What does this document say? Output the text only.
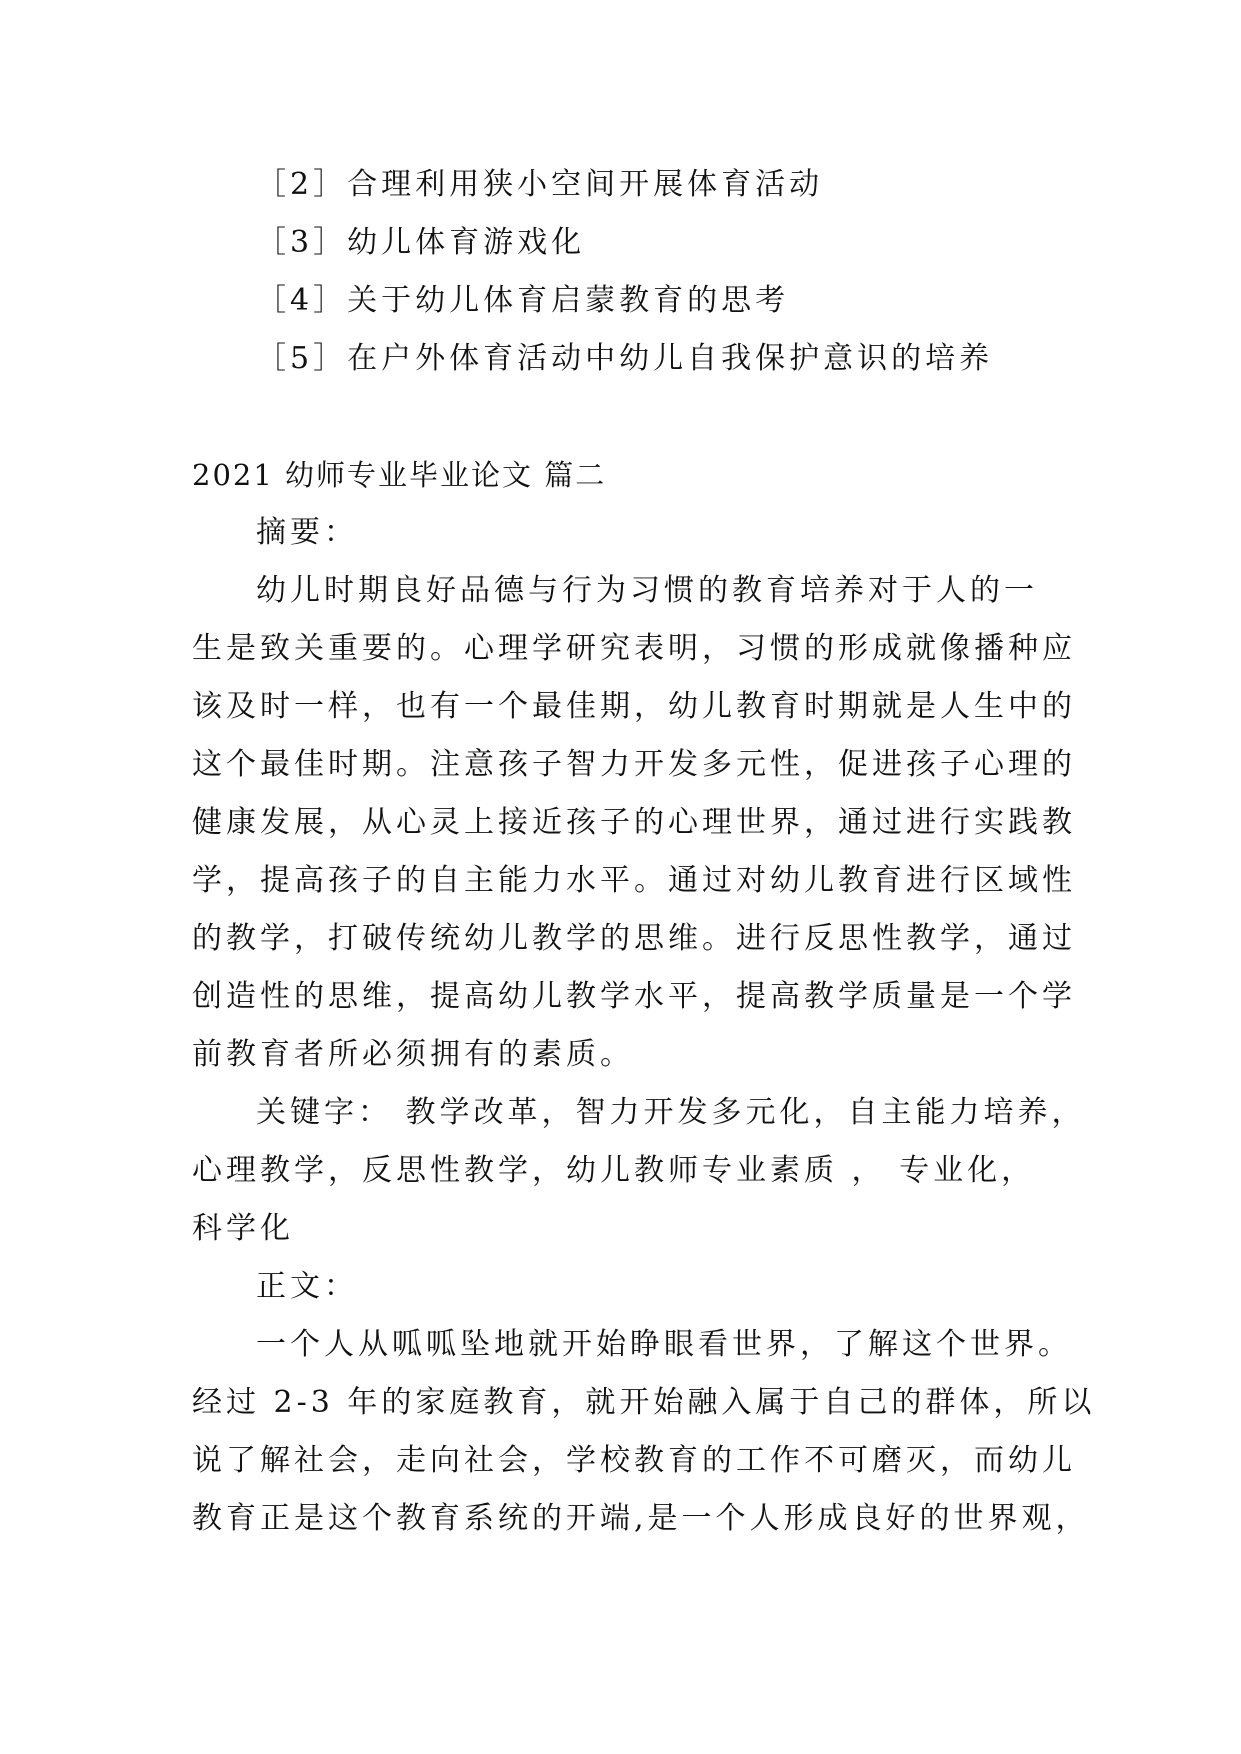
［2］合理利用狭小空间开展体育活动
［3］幼儿体育游戏化
［4］关于幼儿体育启蒙教育的思考
［5］在户外体育活动中幼儿自我保护意识的培养
2021 幼师专业毕业论文 篇二
摘要：
幼儿时期良好品德与行为习惯的教育培养对于人的一
生是致关重要的。心理学研究表明，习惯的形成就像播种应
该及时一样，也有一个最佳期，幼儿教育时期就是人生中的
这个最佳时期。注意孩子智力开发多元性，促进孩子心理的
健康发展，从心灵上接近孩子的心理世界，通过进行实践教
学，提高孩子的自主能力水平。通过对幼儿教育进行区域性
的教学，打破传统幼儿教学的思维。进行反思性教学，通过
创造性的思维，提高幼儿教学水平，提高教学质量是一个学
前教育者所必须拥有的素质。
关键字： 教学改革，智力开发多元化，自主能力培养，
心理教学，反思性教学，幼儿教师专业素质 ， 专业化，
科学化
正文：
一个人从呱呱坠地就开始睁眼看世界，了解这个世界。
经过 2-3 年的家庭教育，就开始融入属于自己的群体，所以
说了解社会，走向社会，学校教育的工作不可磨灭，而幼儿
教育正是这个教育系统的开端,是一个人形成良好的世界观，
